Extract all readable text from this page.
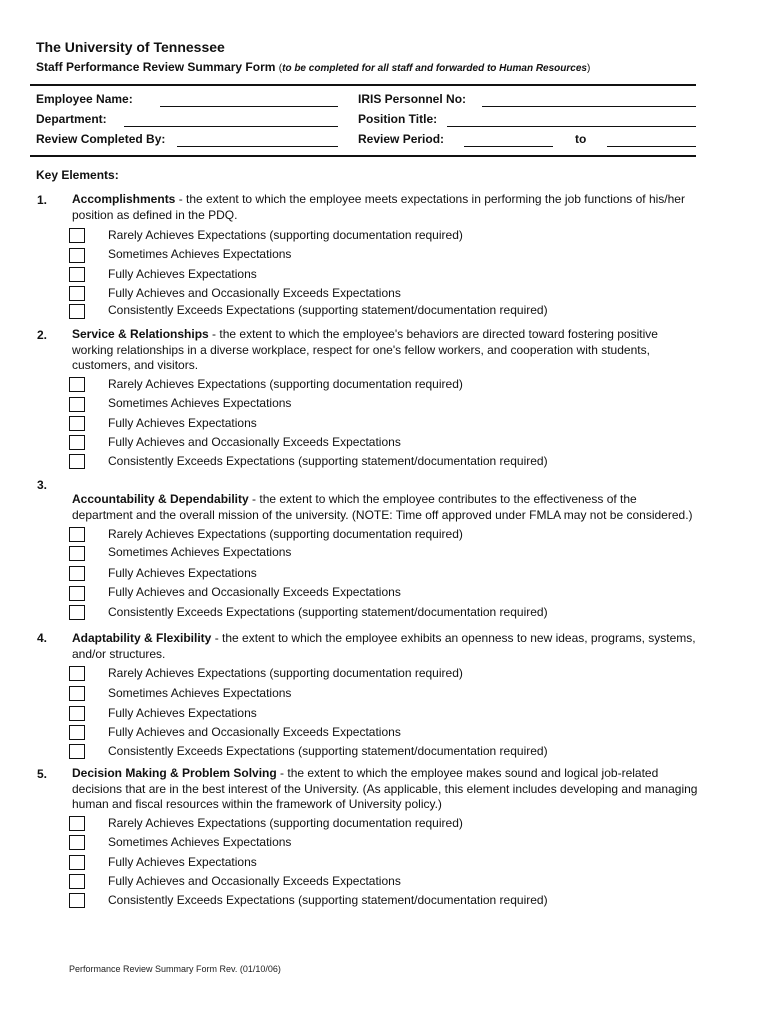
The University of Tennessee
Staff Performance Review Summary Form (to be completed for all staff and forwarded to Human Resources)
Employee Name:
Department:
Review Completed By:
IRIS Personnel No:
Position Title:
Review Period:	to
Key Elements:
1. Accomplishments - the extent to which the employee meets expectations in performing the job functions of his/her position as defined in the PDQ.
Rarely Achieves Expectations (supporting documentation required)
Sometimes Achieves Expectations
Fully Achieves Expectations
Fully Achieves and Occasionally Exceeds Expectations
Consistently Exceeds Expectations (supporting statement/documentation required)
2. Service & Relationships - the extent to which the employee's behaviors are directed toward fostering positive working relationships in a diverse workplace, respect for one's fellow workers, and cooperation with students, customers, and visitors.
Rarely Achieves Expectations (supporting documentation required)
Sometimes Achieves Expectations
Fully Achieves Expectations
Fully Achieves and Occasionally Exceeds Expectations
Consistently Exceeds Expectations (supporting statement/documentation required)
3.
Accountability & Dependability - the extent to which the employee contributes to the effectiveness of the department and the overall mission of the university. (NOTE: Time off approved under FMLA may not be considered.)
Rarely Achieves Expectations (supporting documentation required)
Sometimes Achieves Expectations
Fully Achieves Expectations
Fully Achieves and Occasionally Exceeds Expectations
Consistently Exceeds Expectations (supporting statement/documentation required)
4. Adaptability & Flexibility - the extent to which the employee exhibits an openness to new ideas, programs, systems, and/or structures.
Rarely Achieves Expectations (supporting documentation required)
Sometimes Achieves Expectations
Fully Achieves Expectations
Fully Achieves and Occasionally Exceeds Expectations
Consistently Exceeds Expectations (supporting statement/documentation required)
5. Decision Making & Problem Solving - the extent to which the employee makes sound and logical job-related decisions that are in the best interest of the University. (As applicable, this element includes developing and managing human and fiscal resources within the framework of University policy.)
Rarely Achieves Expectations (supporting documentation required)
Sometimes Achieves Expectations
Fully Achieves Expectations
Fully Achieves and Occasionally Exceeds Expectations
Consistently Exceeds Expectations (supporting statement/documentation required)
Performance Review Summary Form Rev. (01/10/06)
